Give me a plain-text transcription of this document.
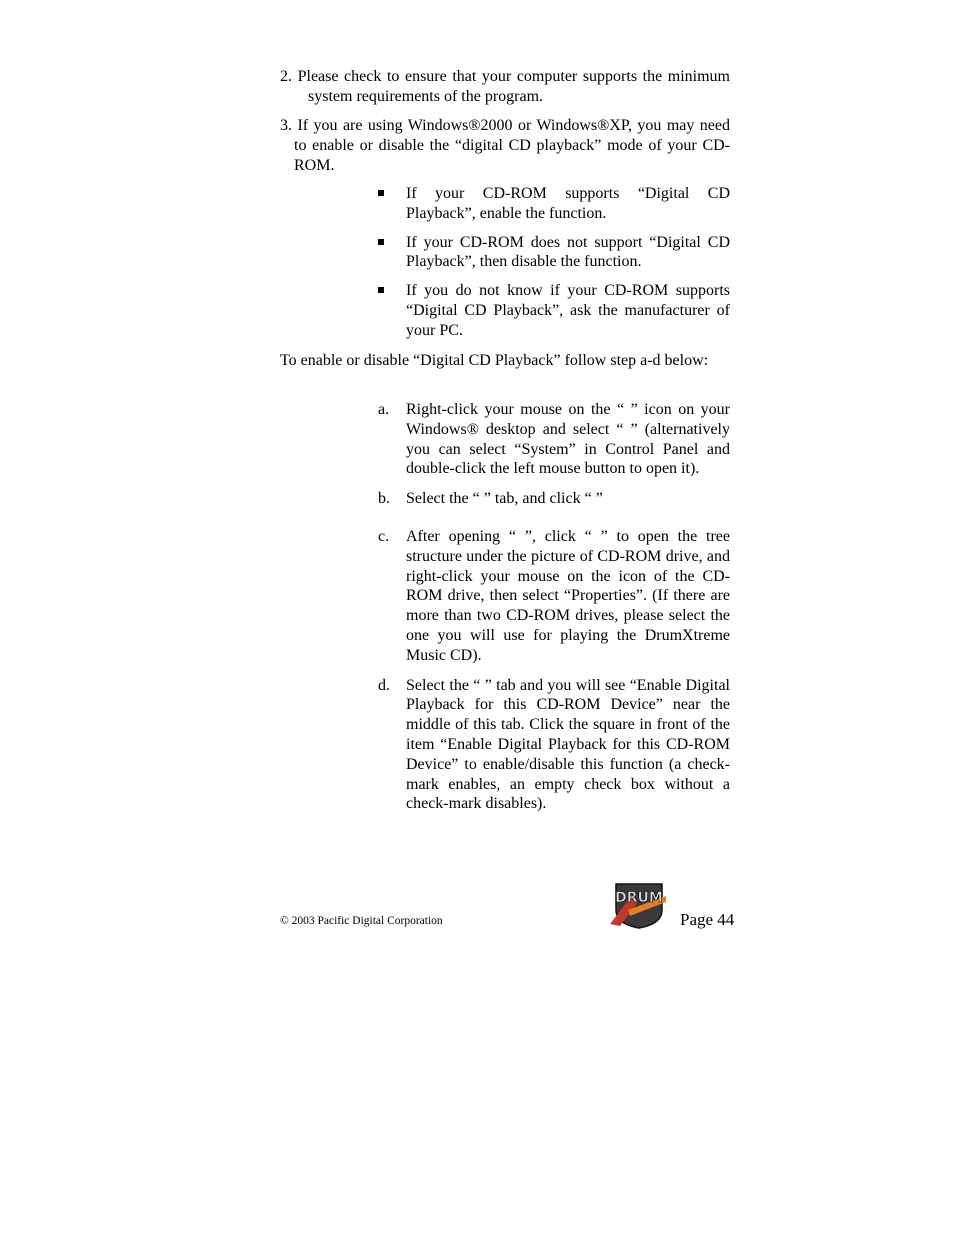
2. Please check to ensure that your computer supports the minimum system requirements of the program.

3. If you are using Windows®2000 or Windows®XP, you may need to enable or disable the “digital CD playback” mode of your CD-ROM.

If your CD-ROM supports “Digital CD Playback”, enable the function.

If your CD-ROM does not support “Digital CD Playback”, then disable the function.

If you do not know if your CD-ROM supports “Digital CD Playback”, ask the manufacturer of your PC.

To enable or disable “Digital CD Playback” follow step a-d below:

a. Right-click your mouse on the “ ” icon on your Windows® desktop and select “ ” (alternatively you can select “System” in Control Panel and double-click the left mouse button to open it).

b. Select the “ ” tab, and click “ ”

c. After opening “ ”, click “ ” to open the tree structure under the picture of CD-ROM drive, and right-click your mouse on the icon of the CD-ROM drive, then select “Properties”. (If there are more than two CD-ROM drives, please select the one you will use for playing the DrumXtreme Music CD).

d. Select the “ ” tab and you will see “Enable Digital Playback for this CD-ROM Device” near the middle of this tab. Click the square in front of the item “Enable Digital Playback for this CD-ROM Device” to enable/disable this function (a check-mark enables, an empty check box without a check-mark disables).

© 2003 Pacific Digital Corporation
DRUM
Page 44
